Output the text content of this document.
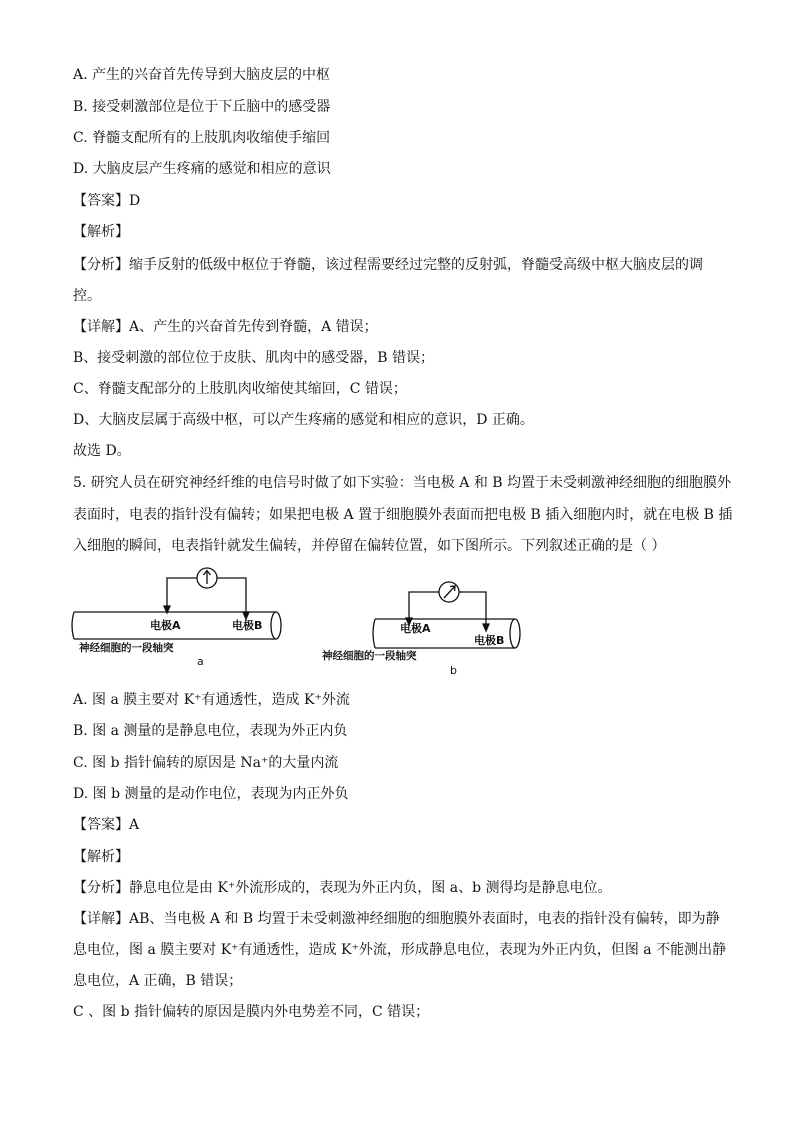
A. 产生的兴奋首先传导到大脑皮层的中枢
B. 接受刺激部位是位于下丘脑中的感受器
C. 脊髓支配所有的上肢肌肉收缩使手缩回
D. 大脑皮层产生疼痛的感觉和相应的意识
【答案】D
【解析】
【分析】缩手反射的低级中枢位于脊髓，该过程需要经过完整的反射弧，脊髓受高级中枢大脑皮层的调
控。
【详解】A、产生的兴奋首先传到脊髓，A 错误；
B、接受刺激的部位位于皮肤、肌肉中的感受器，B 错误；
C、脊髓支配部分的上肢肌肉收缩使其缩回，C 错误；
D、大脑皮层属于高级中枢，可以产生疼痛的感觉和相应的意识，D 正确。
故选 D。
5. 研究人员在研究神经纤维的电信号时做了如下实验：当电极 A 和 B 均置于未受刺激神经细胞的细胞膜外
表面时，电表的指针没有偏转；如果把电极 A 置于细胞膜外表面而把电极 B 插入细胞内时，就在电极 B 插
入细胞的瞬间，电表指针就发生偏转，并停留在偏转位置，如下图所示。下列叙述正确的是（ ）
电极A	电极B
神经细胞的一段轴突
a
电极A
电极B
神经细胞的一段轴突
b
A. 图 a 膜主要对 K⁺有通透性，造成 K⁺外流
B. 图 a 测量的是静息电位，表现为外正内负
C. 图 b 指针偏转的原因是 Na⁺的大量内流
D. 图 b 测量的是动作电位，表现为内正外负
【答案】A
【解析】
【分析】静息电位是由 K⁺外流形成的，表现为外正内负，图 a、b 测得均是静息电位。
【详解】AB、当电极 A 和 B 均置于未受刺激神经细胞的细胞膜外表面时，电表的指针没有偏转，即为静
息电位，图 a 膜主要对 K⁺有通透性，造成 K⁺外流，形成静息电位，表现为外正内负，但图 a 不能测出静
息电位，A 正确，B 错误；
C 、图 b 指针偏转的原因是膜内外电势差不同，C 错误；
